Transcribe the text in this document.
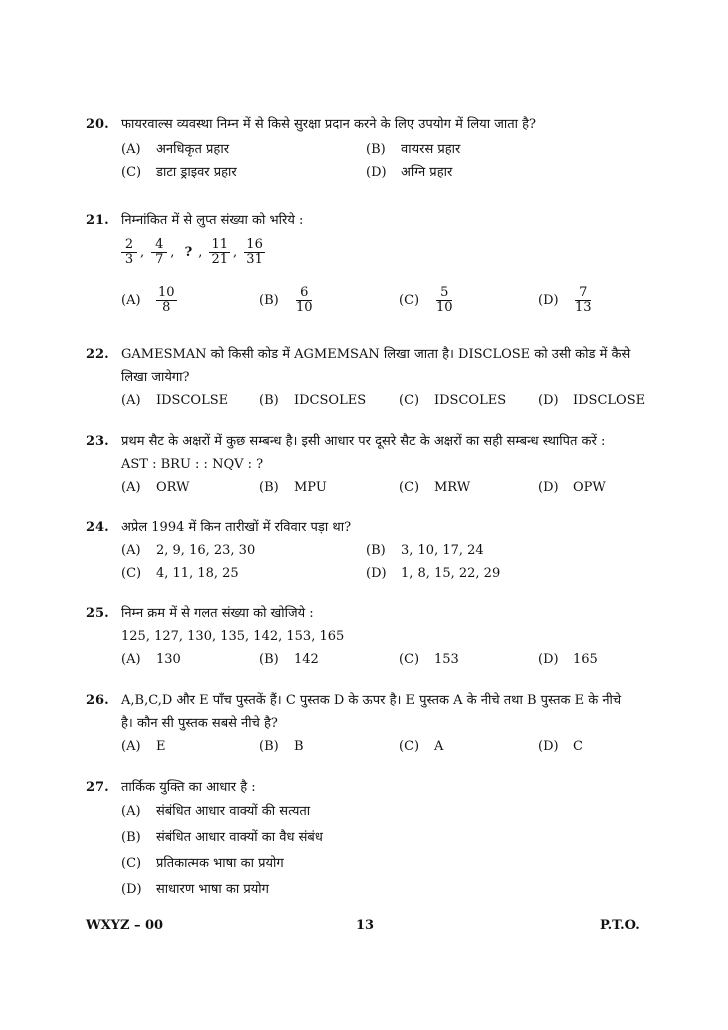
20. फायरवाल्स व्यवस्था निम्न में से किसे सुरक्षा प्रदान करने के लिए उपयोग में लिया जाता है?
(A) अनधिकृत प्रहार	(B) वायरस प्रहार
(C) डाटा ड्राइवर प्रहार	(D) अग्नि प्रहार
21. निम्नांकित में से लुप्त संख्या को भरिये :
$\frac{2}{3}$ , $\frac{4}{7}$ , ? , $\frac{11}{21}$ , $\frac{16}{31}$
$(A) \frac{10}{8}$	$(B) \frac{6}{10}$	$(C) \frac{5}{10}$	$(D) \frac{7}{13}$
22. GAMESMAN को किसी कोड में AGMEMSAN लिखा जाता है। DISCLOSE को उसी कोड में कैसे
लिखा जायेगा?
(A) IDSCOLSE (B) IDCSOLES	(C) IDSCOLES (D) IDSCLOSE
23. प्रथम सैट के अक्षरों में कुछ सम्बन्ध है। इसी आधार पर दूसरे सैट के अक्षरों का सही सम्बन्ध स्थापित करें :
AST : BRU : : NQV : ?
(A) ORW	(B) MPU	(C) MRW	(D) OPW
24. अप्रेल 1994 में किन तारीखों में रविवार पड़ा था?
(A) 2, 9, 16, 23, 30	(B) 3, 10, 17, 24
(C) 4, 11, 18, 25	(D) 1, 8, 15, 22, 29
25. निम्न क्रम में से गलत संख्या को खोजिये :
125, 127, 130, 135, 142, 153, 165
(A) 130	(B) 142	(C) 153	(D) 165
26. A,B,C,D और E पाँच पुस्तकें हैं। C पुस्तक D के ऊपर है। E पुस्तक A के नीचे तथा B पुस्तक E के नीचे
है। कौन सी पुस्तक सबसे नीचे है?
(A) E	(B) B	(C) A	(D) C
27. तार्किक युक्ति का आधार है :
(A) संबंधित आधार वाक्यों की सत्यता
(B) संबंधित आधार वाक्यों का वैध संबंध
(C) प्रतिकात्मक भाषा का प्रयोग
(D) साधारण भाषा का प्रयोग
WXYZ – 00	13	P.T.O.
